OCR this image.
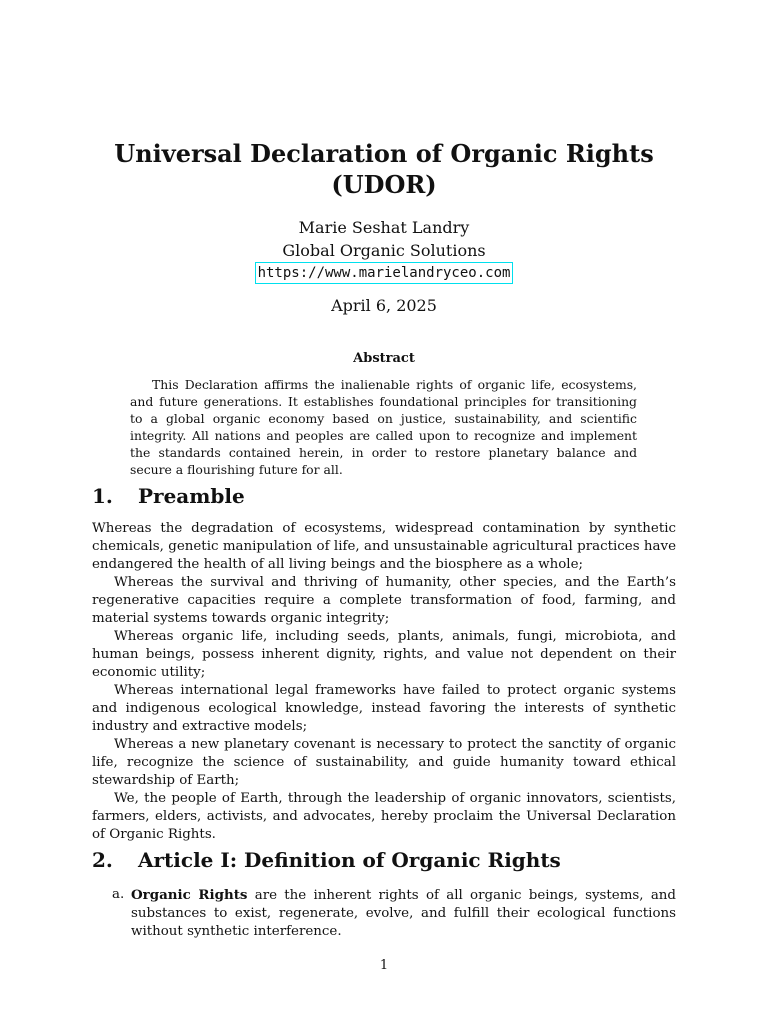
Universal Declaration of Organic Rights (UDOR)
Marie Seshat Landry
Global Organic Solutions
https://www.marielandryceo.com
April 6, 2025
Abstract
This Declaration affirms the inalienable rights of organic life, ecosystems, and future generations. It establishes foundational principles for transitioning to a global organic economy based on justice, sustainability, and scientific integrity. All nations and peoples are called upon to recognize and implement the standards contained herein, in order to restore planetary balance and secure a flourishing future for all.
1. Preamble

Whereas the degradation of ecosystems, widespread contamination by synthetic chemicals, genetic manipulation of life, and unsustainable agricultural practices have endangered the health of all living beings and the biosphere as a whole;

Whereas the survival and thriving of humanity, other species, and the Earth’s regenerative capacities require a complete transformation of food, farming, and material systems towards organic integrity;

Whereas organic life, including seeds, plants, animals, fungi, microbiota, and human beings, possess inherent dignity, rights, and value not dependent on their economic utility;

Whereas international legal frameworks have failed to protect organic systems and indigenous ecological knowledge, instead favoring the interests of synthetic industry and extractive models;

Whereas a new planetary covenant is necessary to protect the sanctity of organic life, recognize the science of sustainability, and guide humanity toward ethical stewardship of Earth;

We, the people of Earth, through the leadership of organic innovators, scientists, farmers, elders, activists, and advocates, hereby proclaim the Universal Declaration of Organic Rights.

2. Article I: Definition of Organic Rights
a. Organic Rights are the inherent rights of all organic beings, systems, and substances to exist, regenerate, evolve, and fulfill their ecological functions without synthetic interference.
1
